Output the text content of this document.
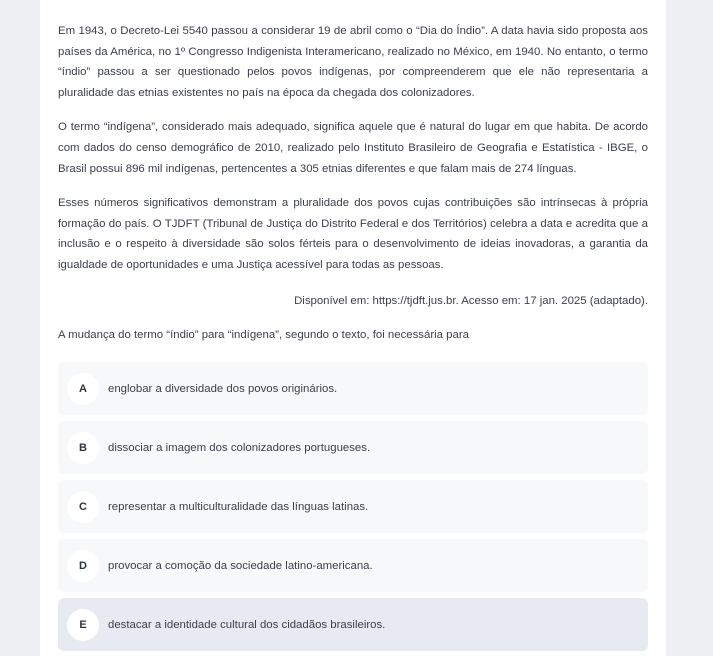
Em 1943, o Decreto-Lei 5540 passou a considerar 19 de abril como o “Dia do Índio”. A data havia sido proposta aos países da América, no 1º Congresso Indigenista Interamericano, realizado no México, em 1940. No entanto, o termo “índio” passou a ser questionado pelos povos indígenas, por compreenderem que ele não representaria a pluralidade das etnias existentes no país na época da chegada dos colonizadores.

O termo “indígena”, considerado mais adequado, significa aquele que é natural do lugar em que habita. De acordo com dados do censo demográfico de 2010, realizado pelo Instituto Brasileiro de Geografia e Estatística - IBGE, o Brasil possui 896 mil indígenas, pertencentes a 305 etnias diferentes e que falam mais de 274 línguas.

Esses números significativos demonstram a pluralidade dos povos cujas contribuições são intrínsecas à própria formação do país. O TJDFT (Tribunal de Justiça do Distrito Federal e dos Territórios) celebra a data e acredita que a inclusão e o respeito à diversidade são solos férteis para o desenvolvimento de ideias inovadoras, a garantia da igualdade de oportunidades e uma Justiça acessível para todas as pessoas.

Disponível em: https://tjdft.jus.br. Acesso em: 17 jan. 2025 (adaptado).

A mudança do termo “índio” para “indígena”, segundo o texto, foi necessária para

A	englobar a diversidade dos povos originários.
B	dissociar a imagem dos colonizadores portugueses.
C	representar a multiculturalidade das línguas latinas.
D	provocar a comoção da sociedade latino-americana.
E	destacar a identidade cultural dos cidadãos brasileiros.
